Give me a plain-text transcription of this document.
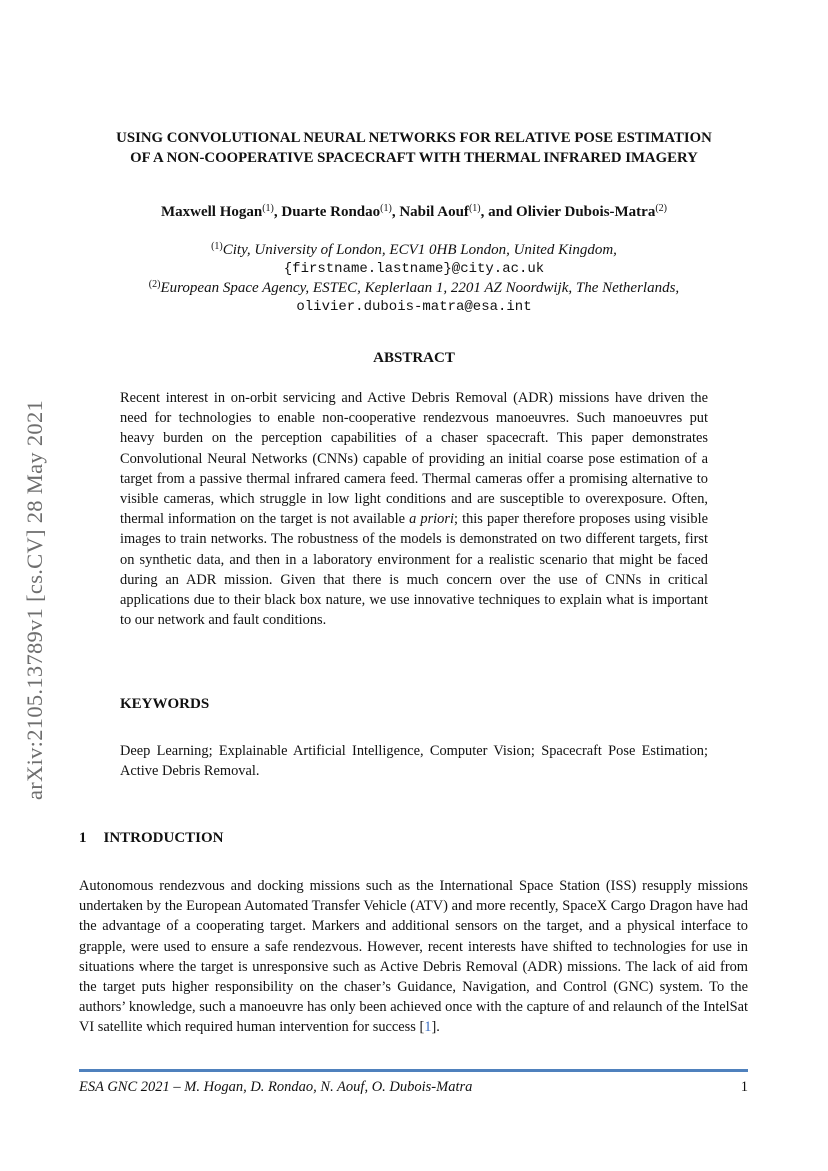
arXiv:2105.13789v1 [cs.CV] 28 May 2021
USING CONVOLUTIONAL NEURAL NETWORKS FOR RELATIVE POSE ESTIMATION
OF A NON-COOPERATIVE SPACECRAFT WITH THERMAL INFRARED IMAGERY
Maxwell Hogan$^{(1)}$, Duarte Rondao$^{(1)}$, Nabil Aouf$^{(1)}$, and Olivier Dubois-Matra$^{(2)}$
$^{(1)}$City, University of London, ECV1 0HB London, United Kingdom,
{firstname.lastname}@city.ac.uk
$^{(2)}$European Space Agency, ESTEC, Keplerlaan 1, 2201 AZ Noordwijk, The Netherlands,
olivier.dubois-matra@esa.int
ABSTRACT
Recent interest in on-orbit servicing and Active Debris Removal (ADR) missions have driven the need for technologies to enable non-cooperative rendezvous manoeuvres. Such manoeuvres put heavy burden on the perception capabilities of a chaser spacecraft. This paper demonstrates Convolutional Neural Networks (CNNs) capable of providing an initial coarse pose estimation of a target from a passive thermal infrared camera feed. Thermal cameras offer a promising alternative to visible cameras, which struggle in low light conditions and are susceptible to overexposure. Often, thermal information on the target is not available a priori; this paper therefore proposes using visible images to train networks. The robustness of the models is demonstrated on two different targets, first on synthetic data, and then in a laboratory environment for a realistic scenario that might be faced during an ADR mission. Given that there is much concern over the use of CNNs in critical applications due to their black box nature, we use innovative techniques to explain what is important to our network and fault conditions.
KEYWORDS
Deep Learning; Explainable Artificial Intelligence, Computer Vision; Spacecraft Pose Estimation; Active Debris Removal.
1 INTRODUCTION
Autonomous rendezvous and docking missions such as the International Space Station (ISS) resupply missions undertaken by the European Automated Transfer Vehicle (ATV) and more recently, SpaceX Cargo Dragon have had the advantage of a cooperating target. Markers and additional sensors on the target, and a physical interface to grapple, were used to ensure a safe rendezvous. However, recent interests have shifted to technologies for use in situations where the target is unresponsive such as Active Debris Removal (ADR) missions. The lack of aid from the target puts higher responsibility on the chaser’s Guidance, Navigation, and Control (GNC) system. To the authors’ knowledge, such a manoeuvre has only been achieved once with the capture of and relaunch of the IntelSat VI satellite which required human intervention for success [1].
ESA GNC 2021 – M. Hogan, D. Rondao, N. Aouf, O. Dubois-Matra	1
